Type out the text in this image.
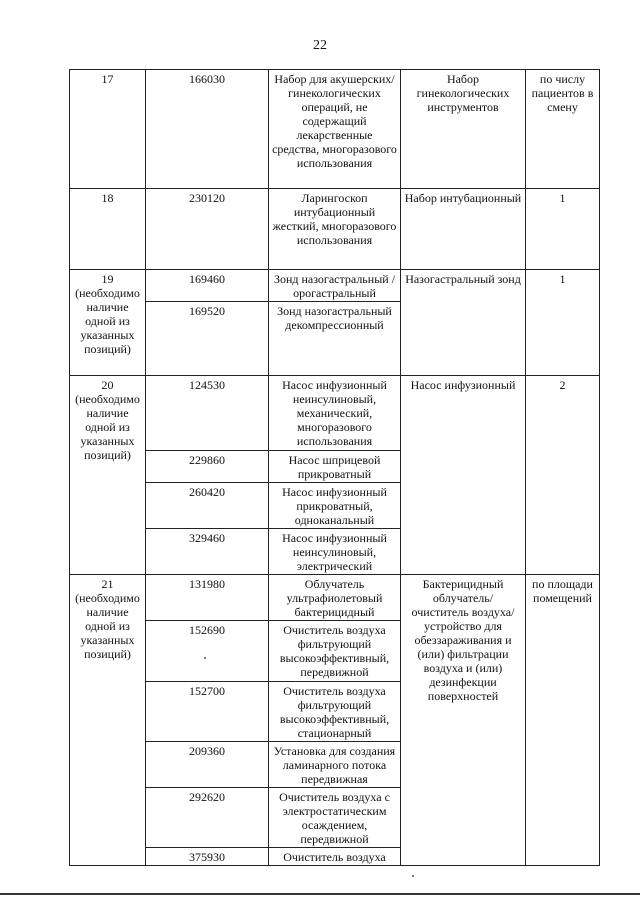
22
17	166030	Набор для акушерских/гинекологических операций, не содержащий лекарственные средства, многоразового использования	Набор гинекологических инструментов	по числу пациентов в смену
18	230120	Ларингоскоп интубационный жесткий, многоразового использования	Набор интубационный	1
19 (необходимо наличие одной из указанных позиций)	169460	Зонд назогастральный / орогастральный	Назогастральный зонд	1
	169520	Зонд назогастральный декомпрессионный		
20 (необходимо наличие одной из указанных позиций)	124530	Насос инфузионный неинсулиновый, механический, многоразового использования	Насос инфузионный	2
	229860	Насос шприцевой прикроватный		
	260420	Насос инфузионный прикроватный, одноканальный		
	329460	Насос инфузионный неинсулиновый, электрический		
21 (необходимо наличие одной из указанных позиций)	131980	Облучатель ультрафиолетовый бактерицидный	Бактерицидный облучатель/ очиститель воздуха/ устройство для обеззараживания и (или) фильтрации воздуха и (или) дезинфекции поверхностей	по площади помещений
	152690	Очиститель воздуха фильтрующий высокоэффективный, передвижной		
	152700	Очиститель воздуха фильтрующий высокоэффективный, стационарный		
	209360	Установка для создания ламинарного потока передвижная		
	292620	Очиститель воздуха с электростатическим осаждением, передвижной		
	375930	Очиститель воздуха		
